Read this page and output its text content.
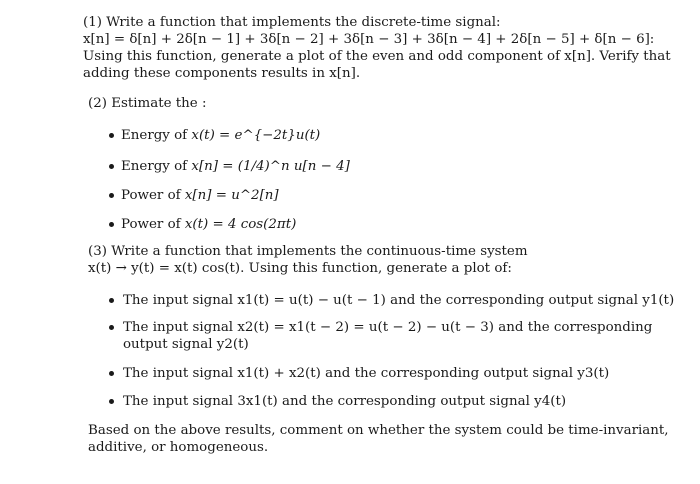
(1) Write a function that implements the discrete-time signal:
x[n] = δ[n] + 2δ[n − 1] + 3δ[n − 2] + 3δ[n − 3] + 3δ[n − 4] + 2δ[n − 5] + δ[n − 6]:
Using this function, generate a plot of the even and odd component of x[n]. Verify that
adding these components results in x[n].
(2) Estimate the :
Energy of x(t) = e^{−2t}u(t)
Energy of x[n] = (1/4)^n u[n − 4]
Power of x[n] = u^2[n]
Power of x(t) = 4 cos(2πt)
(3) Write a function that implements the continuous-time system
x(t) → y(t) = x(t) cos(t). Using this function, generate a plot of:
The input signal x1(t) = u(t) − u(t − 1) and the corresponding output signal y1(t)
The input signal x2(t) = x1(t − 2) = u(t − 2) − u(t − 3) and the corresponding
output signal y2(t)
The input signal x1(t) + x2(t) and the corresponding output signal y3(t)
The input signal 3x1(t) and the corresponding output signal y4(t)
Based on the above results, comment on whether the system could be time-invariant,
additive, or homogeneous.
